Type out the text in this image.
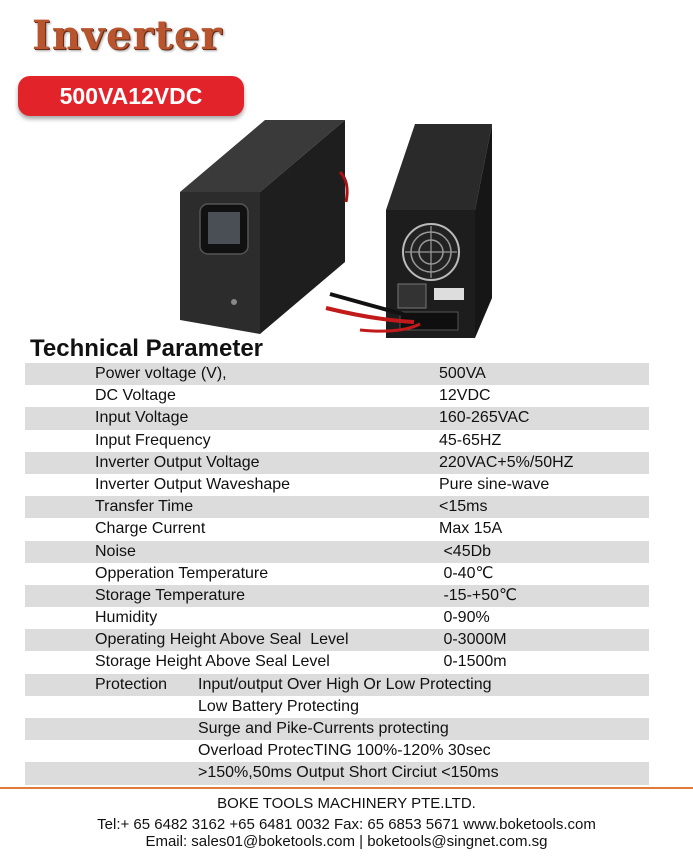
Inverter
500VA12VDC
Technical Parameter
Power voltage (V),	500VA
DC Voltage	12VDC
Input Voltage	160-265VAC
Input Frequency	45-65HZ
Inverter Output Voltage	220VAC+5%/50HZ
Inverter Output Waveshape	Pure sine-wave
Transfer Time	<15ms
Charge Current	Max 15A
Noise	<45Db
Opperation Temperature	0-40℃
Storage Temperature	-15-+50℃
Humidity	0-90%
Operating Height Above Seal  Level	0-3000M
Storage Height Above Seal Level	0-1500m
Protection Input/output Over High Or Low Protecting
Low Battery Protecting
Surge and Pike-Currents protecting
Overload ProtecTING 100%-120% 30sec
>150%,50ms Output Short Circiut <150ms
BOKE TOOLS MACHINERY PTE.LTD.
Tel:+ 65 6482 3162 +65 6481 0032 Fax: 65 6853 5671 www.boketools.com
Email: sales01@boketools.com | boketools@singnet.com.sg
